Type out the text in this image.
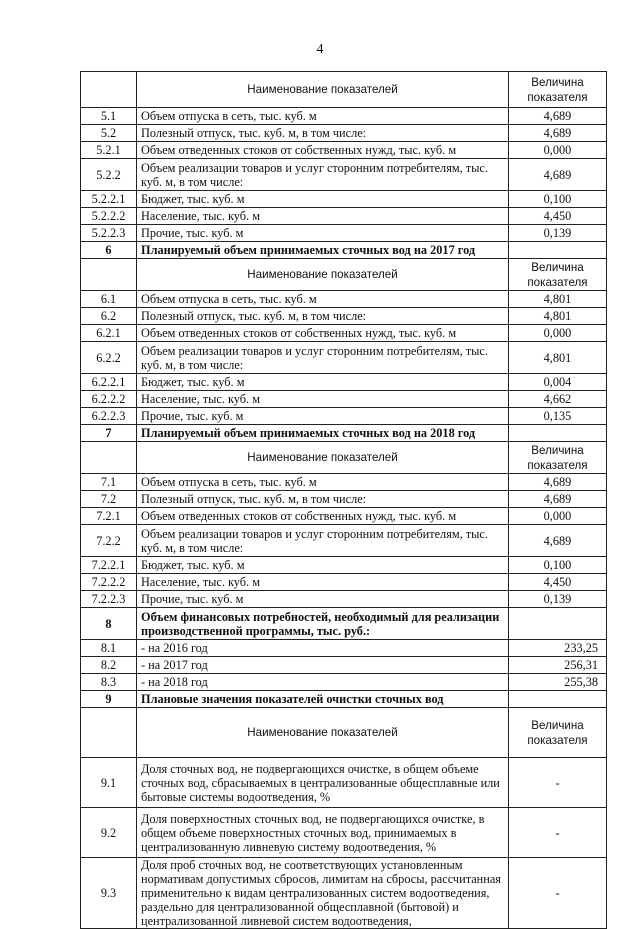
4
	Наименование показателей	Величина показателя
5.1	Объем отпуска в сеть, тыс. куб. м	4,689
5.2	Полезный отпуск, тыс. куб. м, в том числе:	4,689
5.2.1	Объем отведенных стоков от собственных нужд, тыс. куб. м	0,000
5.2.2	Объем реализации товаров и услуг сторонним потребителям, тыс. куб. м, в том числе:	4,689
5.2.2.1	Бюджет, тыс. куб. м	0,100
5.2.2.2	Население, тыс. куб. м	4,450
5.2.2.3	Прочие, тыс. куб. м	0,139
6	Планируемый объем принимаемых сточных вод на 2017 год	
	Наименование показателей	Величина показателя
6.1	Объем отпуска в сеть, тыс. куб. м	4,801
6.2	Полезный отпуск, тыс. куб. м, в том числе:	4,801
6.2.1	Объем отведенных стоков от собственных нужд, тыс. куб. м	0,000
6.2.2	Объем реализации товаров и услуг сторонним потребителям, тыс. куб. м, в том числе:	4,801
6.2.2.1	Бюджет, тыс. куб. м	0,004
6.2.2.2	Население, тыс. куб. м	4,662
6.2.2.3	Прочие, тыс. куб. м	0,135
7	Планируемый объем принимаемых сточных вод на 2018 год	
	Наименование показателей	Величина показателя
7.1	Объем отпуска в сеть, тыс. куб. м	4,689
7.2	Полезный отпуск, тыс. куб. м, в том числе:	4,689
7.2.1	Объем отведенных стоков от собственных нужд, тыс. куб. м	0,000
7.2.2	Объем реализации товаров и услуг сторонним потребителям, тыс. куб. м, в том числе:	4,689
7.2.2.1	Бюджет, тыс. куб. м	0,100
7.2.2.2	Население, тыс. куб. м	4,450
7.2.2.3	Прочие, тыс. куб. м	0,139
8	Объем финансовых потребностей, необходимый для реализации производственной программы, тыс. руб.:	
8.1	- на 2016 год	233,25
8.2	- на 2017 год	256,31
8.3	- на 2018 год	255,38
9	Плановые значения показателей очистки сточных вод	
	Наименование показателей	Величина показателя
9.1	Доля сточных вод, не подвергающихся очистке, в общем объеме сточных вод, сбрасываемых в централизованные общесплавные или бытовые системы водоотведения, %	-
9.2	Доля поверхностных сточных вод, не подвергающихся очистке, в общем объеме поверхностных сточных вод, принимаемых в централизованную ливневую систему водоотведения, %	-
9.3	Доля проб сточных вод, не соответствующих установленным нормативам допустимых сбросов, лимитам на сбросы, рассчитанная применительно к видам централизованных систем водоотведения, раздельно для централизованной общесплавной (бытовой) и централизованной ливневой систем водоотведения,	-
